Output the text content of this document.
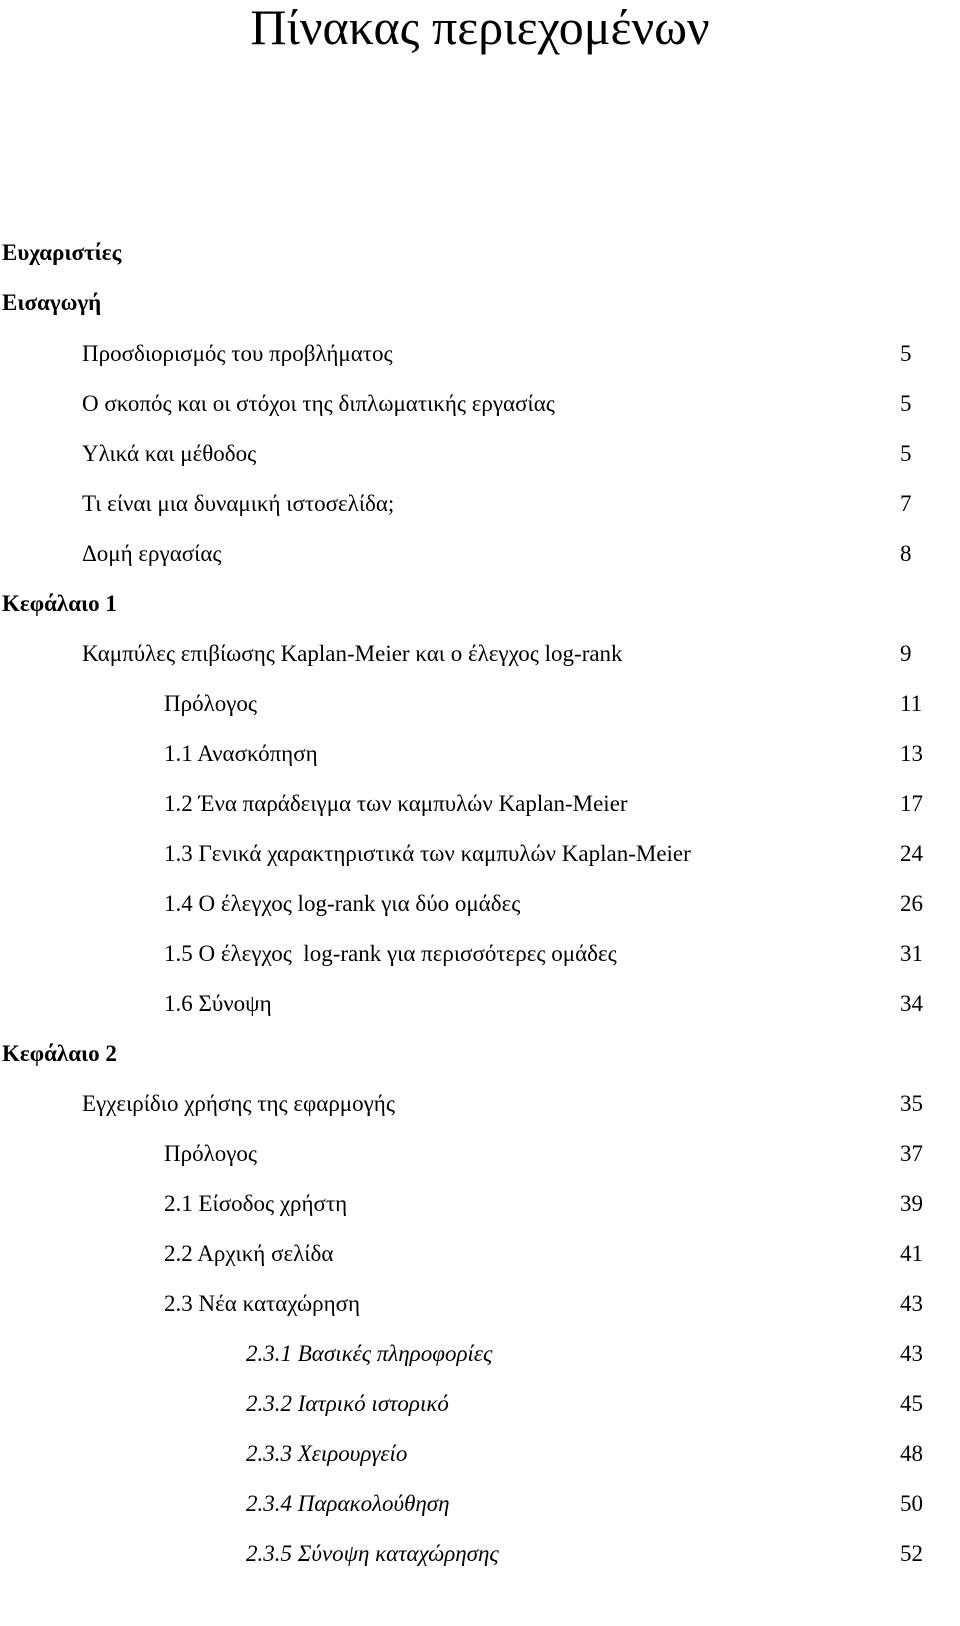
Πίνακας περιεχομένων
Ευχαριστίες
Εισαγωγή
Προσδιορισμός του προβλήματος	5
Ο σκοπός και οι στόχοι της διπλωματικής εργασίας	5
Υλικά και μέθοδος	5
Τι είναι μια δυναμική ιστοσελίδα;	7
Δομή εργασίας	8
Κεφάλαιο 1
Καμπύλες επιβίωσης Kaplan-Meier και ο έλεγχος log-rank	9
Πρόλογος	11
1.1 Ανασκόπηση	13
1.2 Ένα παράδειγμα των καμπυλών Kaplan-Meier	17
1.3 Γενικά χαρακτηριστικά των καμπυλών Kaplan-Meier	24
1.4 Ο έλεγχος log-rank για δύο ομάδες	26
1.5 Ο έλεγχος  log-rank για περισσότερες ομάδες	31
1.6 Σύνοψη	34
Κεφάλαιο 2
Εγχειρίδιο χρήσης της εφαρμογής	35
Πρόλογος	37
2.1 Είσοδος χρήστη	39
2.2 Αρχική σελίδα	41
2.3 Νέα καταχώρηση	43
2.3.1 Βασικές πληροφορίες	43
2.3.2 Ιατρικό ιστορικό	45
2.3.3 Χειρουργείο	48
2.3.4 Παρακολούθηση	50
2.3.5 Σύνοψη καταχώρησης	52
